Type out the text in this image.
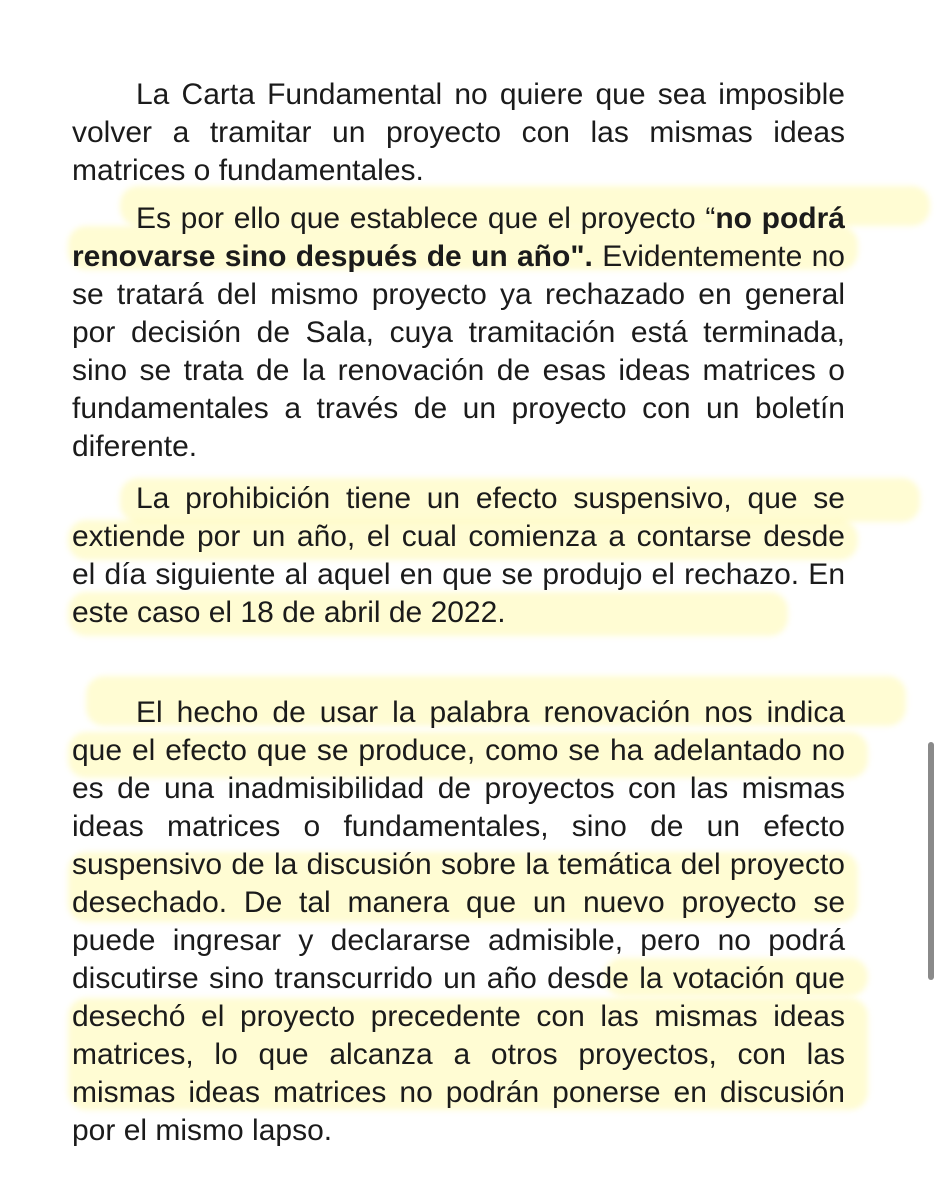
La Carta Fundamental no quiere que sea imposible volver a tramitar un proyecto con las mismas ideas matrices o fundamentales.

Es por ello que establece que el proyecto “no podrá renovarse sino después de un año". Evidentemente no se tratará del mismo proyecto ya rechazado en general por decisión de Sala, cuya tramitación está terminada, sino se trata de la renovación de esas ideas matrices o fundamentales a través de un proyecto con un boletín diferente.

La prohibición tiene un efecto suspensivo, que se extiende por un año, el cual comienza a contarse desde el día siguiente al aquel en que se produjo el rechazo. En este caso el 18 de abril de 2022.

El hecho de usar la palabra renovación nos indica que el efecto que se produce, como se ha adelantado no es de una inadmisibilidad de proyectos con las mismas ideas matrices o fundamentales, sino de un efecto suspensivo de la discusión sobre la temática del proyecto desechado. De tal manera que un nuevo proyecto se puede ingresar y declararse admisible, pero no podrá discutirse sino transcurrido un año desde la votación que desechó el proyecto precedente con las mismas ideas matrices, lo que alcanza a otros proyectos, con las mismas ideas matrices no podrán ponerse en discusión por el mismo lapso.
